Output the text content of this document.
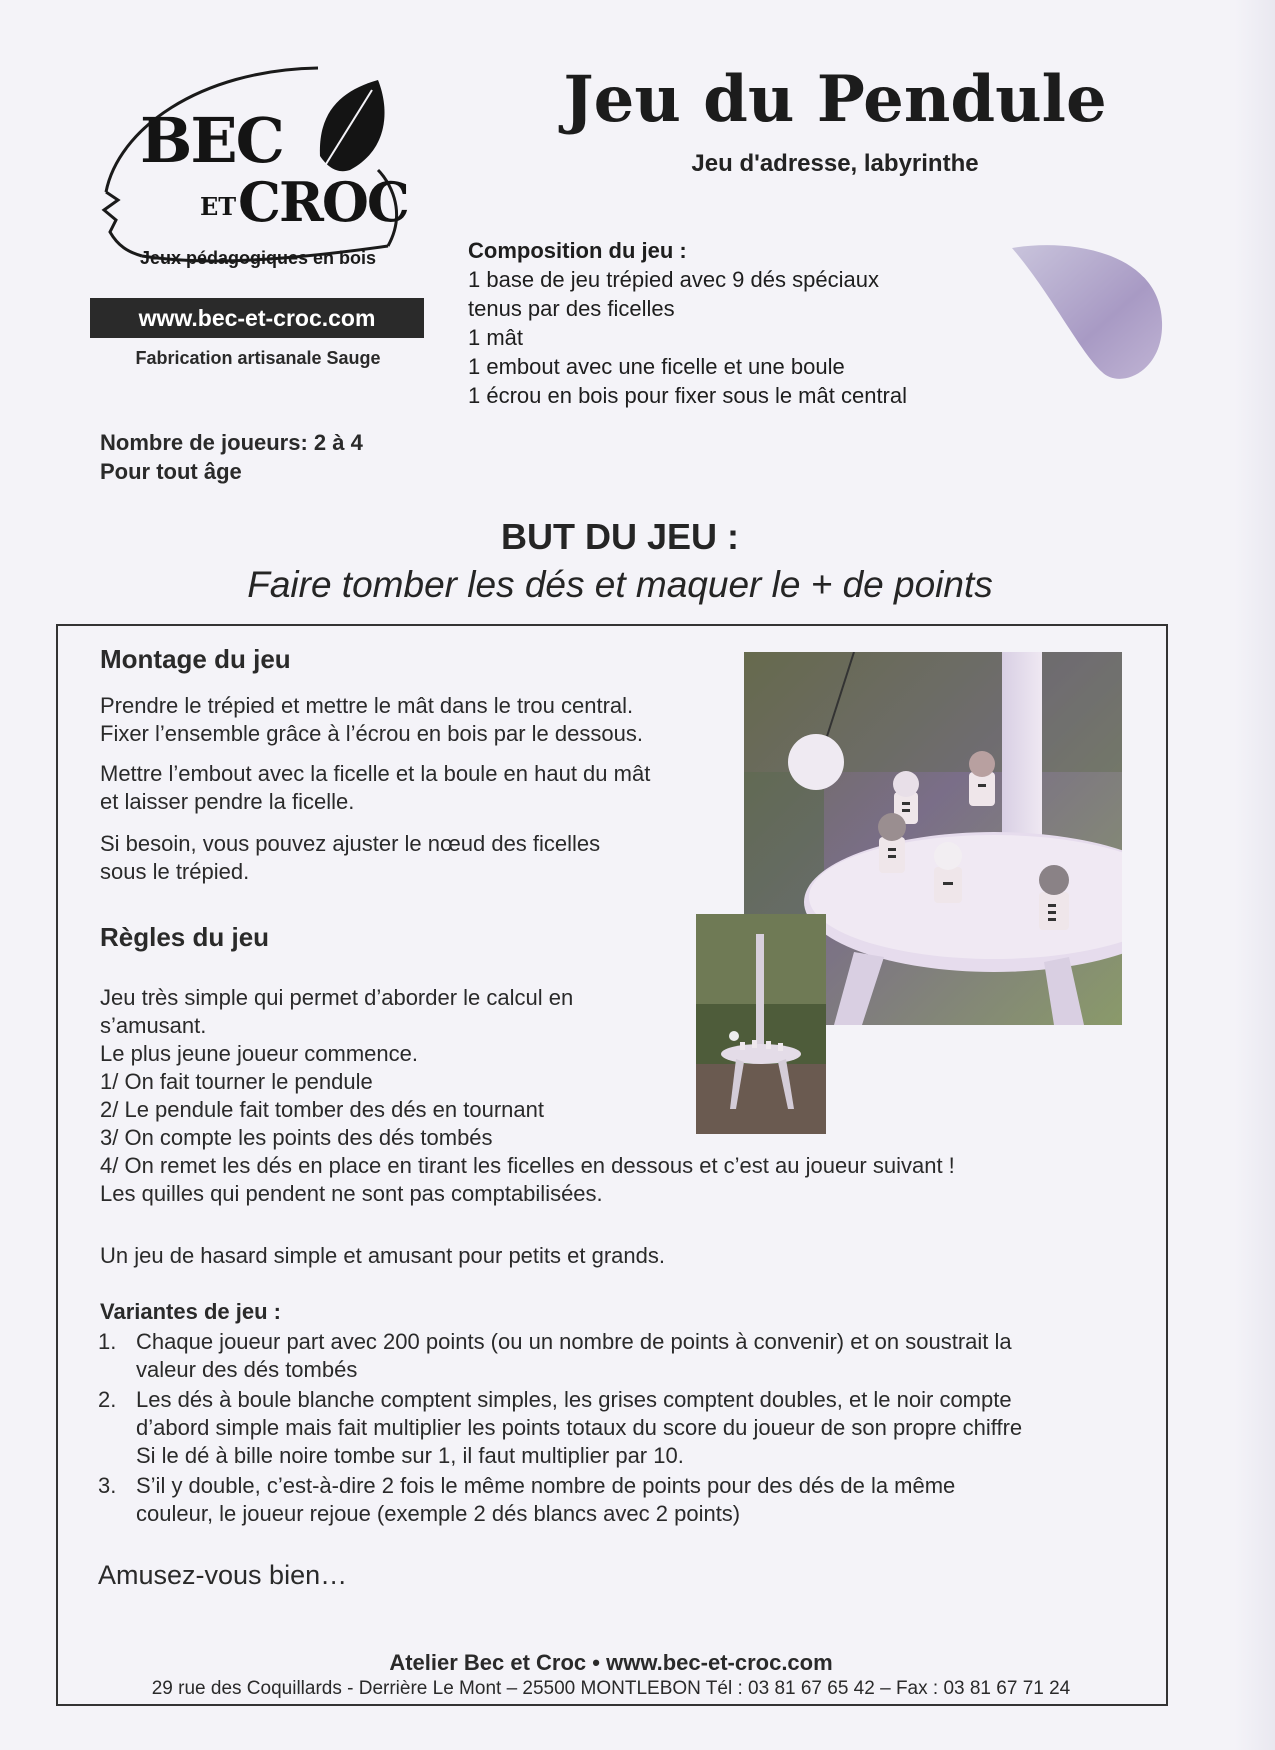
BEC
ET CROC
Jeux pédagogiques en bois
www.bec-et-croc.com
Fabrication artisanale Sauge
Jeu du Pendule
Jeu d'adresse, labyrinthe
Composition du jeu :
1 base de jeu trépied avec 9 dés spéciaux
tenus par des ficelles
1 mât
1 embout avec une ficelle et une boule
1 écrou en bois pour fixer sous le mât central
Nombre de joueurs: 2 à 4
Pour tout âge
BUT DU JEU :
Faire tomber les dés et maquer le + de points
Montage du jeu
Prendre le trépied et mettre le mât dans le trou central.
Fixer l’ensemble grâce à l’écrou en bois par le dessous.
Mettre l’embout avec la ficelle et la boule en haut du mât
et laisser pendre la ficelle.
Si besoin, vous pouvez ajuster le nœud des ficelles
sous le trépied.
Règles du jeu
Jeu très simple qui permet d’aborder le calcul en
s’amusant.
Le plus jeune joueur commence.
1/ On fait tourner le pendule
2/ Le pendule fait tomber des dés en tournant
3/ On compte les points des dés tombés
4/ On remet les dés en place en tirant les ficelles en dessous et c’est au joueur suivant !
Les quilles qui pendent ne sont pas comptabilisées.
Un jeu de hasard simple et amusant pour petits et grands.
Variantes de jeu :
1. Chaque joueur part avec 200 points (ou un nombre de points à convenir) et on soustrait la
valeur des dés tombés
2. Les dés à boule blanche comptent simples, les grises comptent doubles, et le noir compte
d’abord simple mais fait multiplier les points totaux du score du joueur de son propre chiffre
Si le dé à bille noire tombe sur 1, il faut multiplier par 10.
3. S’il y double, c’est-à-dire 2 fois le même nombre de points pour des dés de la même
couleur, le joueur rejoue (exemple 2 dés blancs avec 2 points)
Amusez-vous bien…
Atelier Bec et Croc • www.bec-et-croc.com
29 rue des Coquillards - Derrière Le Mont – 25500 MONTLEBON Tél : 03 81 67 65 42 – Fax : 03 81 67 71 24
